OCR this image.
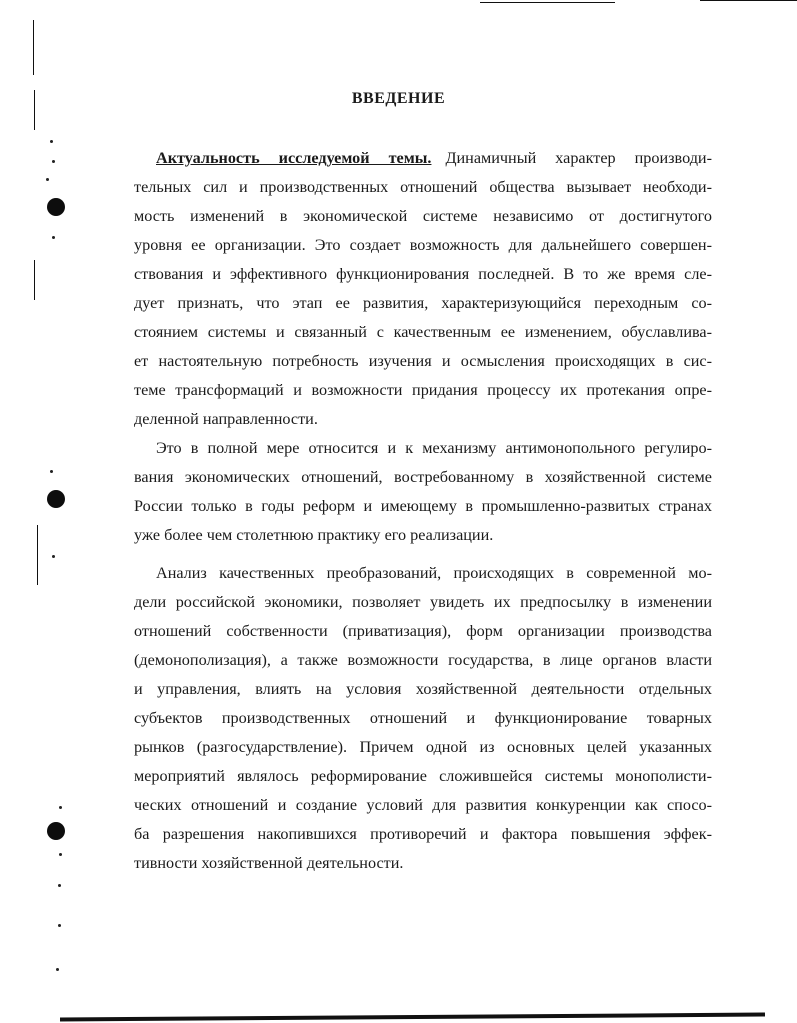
ВВЕДЕНИЕ

Актуальность исследуемой темы. Динамичный характер производи-
тельных сил и производственных отношений общества вызывает необходи-
мость изменений в экономической системе независимо от достигнутого
уровня ее организации. Это создает возможность для дальнейшего совершен-
ствования и эффективного функционирования последней. В то же время сле-
дует признать, что этап ее развития, характеризующийся переходным со-
стоянием системы и связанный с качественным ее изменением, обуславлива-
ет настоятельную потребность изучения и осмысления происходящих в сис-
теме трансформаций и возможности придания процессу их протекания опре-
деленной направленности.

Это в полной мере относится и к механизму антимонопольного регулиро-
вания экономических отношений, востребованному в хозяйственной системе
России только в годы реформ и имеющему в промышленно-развитых странах
уже более чем столетнюю практику его реализации.

Анализ качественных преобразований, происходящих в современной мо-
дели российской экономики, позволяет увидеть их предпосылку в изменении
отношений собственности (приватизация), форм организации производства
(демонополизация), а также возможности государства, в лице органов власти
и управления, влиять на условия хозяйственной деятельности отдельных
субъектов производственных отношений и функционирование товарных
рынков (разгосударствление). Причем одной из основных целей указанных
мероприятий являлось реформирование сложившейся системы монополисти-
ческих отношений и создание условий для развития конкуренции как спосо-
ба разрешения накопившихся противоречий и фактора повышения эффек-
тивности хозяйственной деятельности.
